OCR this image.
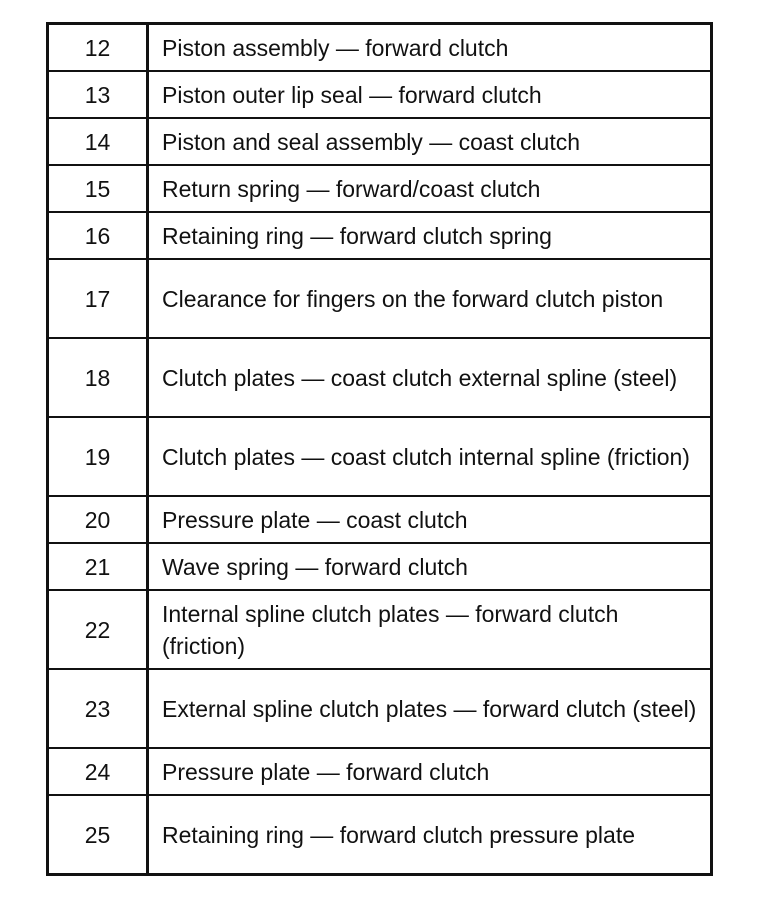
12	Piston assembly — forward clutch
13	Piston outer lip seal — forward clutch
14	Piston and seal assembly — coast clutch
15	Return spring — forward/coast clutch
16	Retaining ring — forward clutch spring
17	Clearance for fingers on the forward clutch piston
18	Clutch plates — coast clutch external spline (steel)
19	Clutch plates — coast clutch internal spline (friction)
20	Pressure plate — coast clutch
21	Wave spring — forward clutch
22	Internal spline clutch plates — forward clutch (friction)
23	External spline clutch plates — forward clutch (steel)
24	Pressure plate — forward clutch
25	Retaining ring — forward clutch pressure plate
